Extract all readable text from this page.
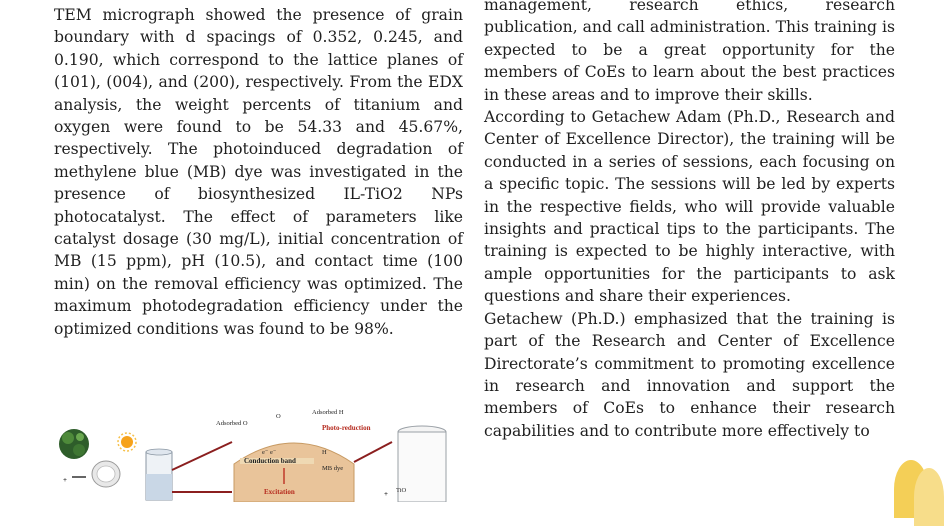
TEM micrograph showed the presence of grain boundary with d spacings of 0.352, 0.245, and 0.190, which correspond to the lattice planes of (101), (004), and (200), respectively. From the EDX analysis, the weight percents of titanium and oxygen were found to be 54.33 and 45.67%, respectively. The photoinduced degradation of methylene blue (MB) dye was investigated in the presence of biosynthesized IL-TiO2 NPs photocatalyst. The effect of parameters like catalyst dosage (30 mg/L), initial concentration of MB (15 ppm), pH (10.5), and contact time (100 min) on the removal efficiency was optimized. The maximum photodegradation efficiency under the optimized conditions was found to be 98%.

management, research ethics, research publication, and call administration. This training is expected to be a great opportunity for the members of CoEs to learn about the best practices in these areas and to improve their skills.

According to Getachew Adam (Ph.D., Research and Center of Excellence Director), the training will be conducted in a series of sessions, each focusing on a specific topic. The sessions will be led by experts in the respective fields, who will provide valuable insights and practical tips to the participants. The training is expected to be highly interactive, with ample opportunities for the participants to ask questions and share their experiences.

Getachew (Ph.D.) emphasized that the training is part of the Research and Center of Excellence Directorate’s commitment to promoting excellence in research and innovation and support the members of CoEs to enhance their research capabilities and to contribute more effectively to

+
Conduction band
e⁻ e⁻
Excitation
Adsorbed O
O
Adsorbed H
Photo-reduction
H
MB dye
+ TiO
